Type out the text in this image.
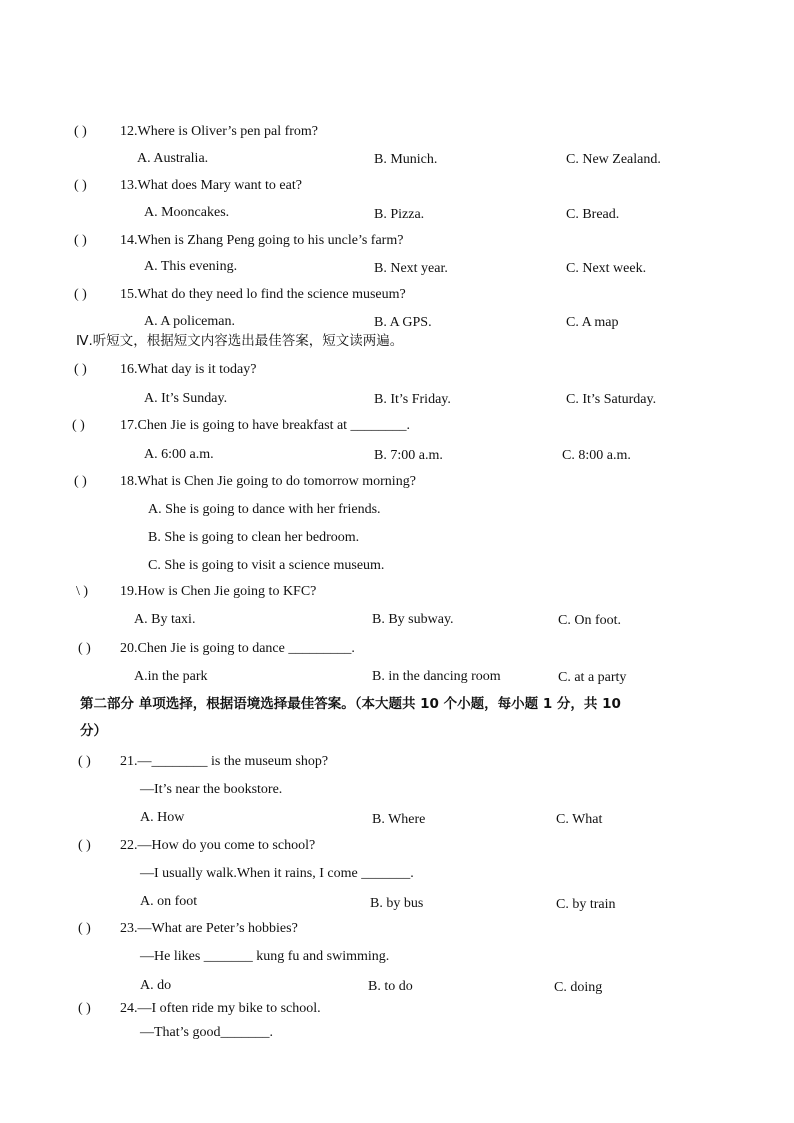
( ) 12.Where is Oliver’s pen pal from?
A. Australia.	B. Munich.	C. New Zealand.
( ) 13.What does Mary want to eat?
A. Mooncakes.	B. Pizza.	C. Bread.
( ) 14.When is Zhang Peng going to his uncle’s farm?
A. This evening.	B. Next year.	C. Next week.
( ) 15.What do they need lo find the science museum?
A. A policeman.	B. A GPS.	C. A map
Ⅳ.听短文，根据短文内容选出最佳答案，短文读两遍。
( ) 16.What day is it today?
A. It’s Sunday.	B. It’s Friday.	C. It’s Saturday.
( )	17.Chen Jie is going to have breakfast at ________.
A. 6:00 a.m.	B. 7:00 a.m.	C. 8:00 a.m.
( ) 18.What is Chen Jie going to do tomorrow morning?
A. She is going to dance with her friends.
B. She is going to clean her bedroom.
C. She is going to visit a science museum.
\ ) 19.How is Chen Jie going to KFC?
A. By taxi.	B. By subway.	C. On foot.
( ) 20.Chen Jie is going to dance _________.
A.in the park	B. in the dancing room	C. at a party
第二部分 单项选择，根据语境选择最佳答案。（本大题共 10 个小题，每小题 1 分，共 10
分）
( ) 21.—________ is the museum shop?
—It’s near the bookstore.
A. How	B. Where	C. What
( ) 22.—How do you come to school?
—I usually walk.When it rains, I come _______.
A. on foot	B. by bus	C. by train
( ) 23.—What are Peter’s hobbies?
—He likes _______ kung fu and swimming.
A. do	B. to do	C. doing
( ) 24.—I often ride my bike to school.
—That’s good_______.
